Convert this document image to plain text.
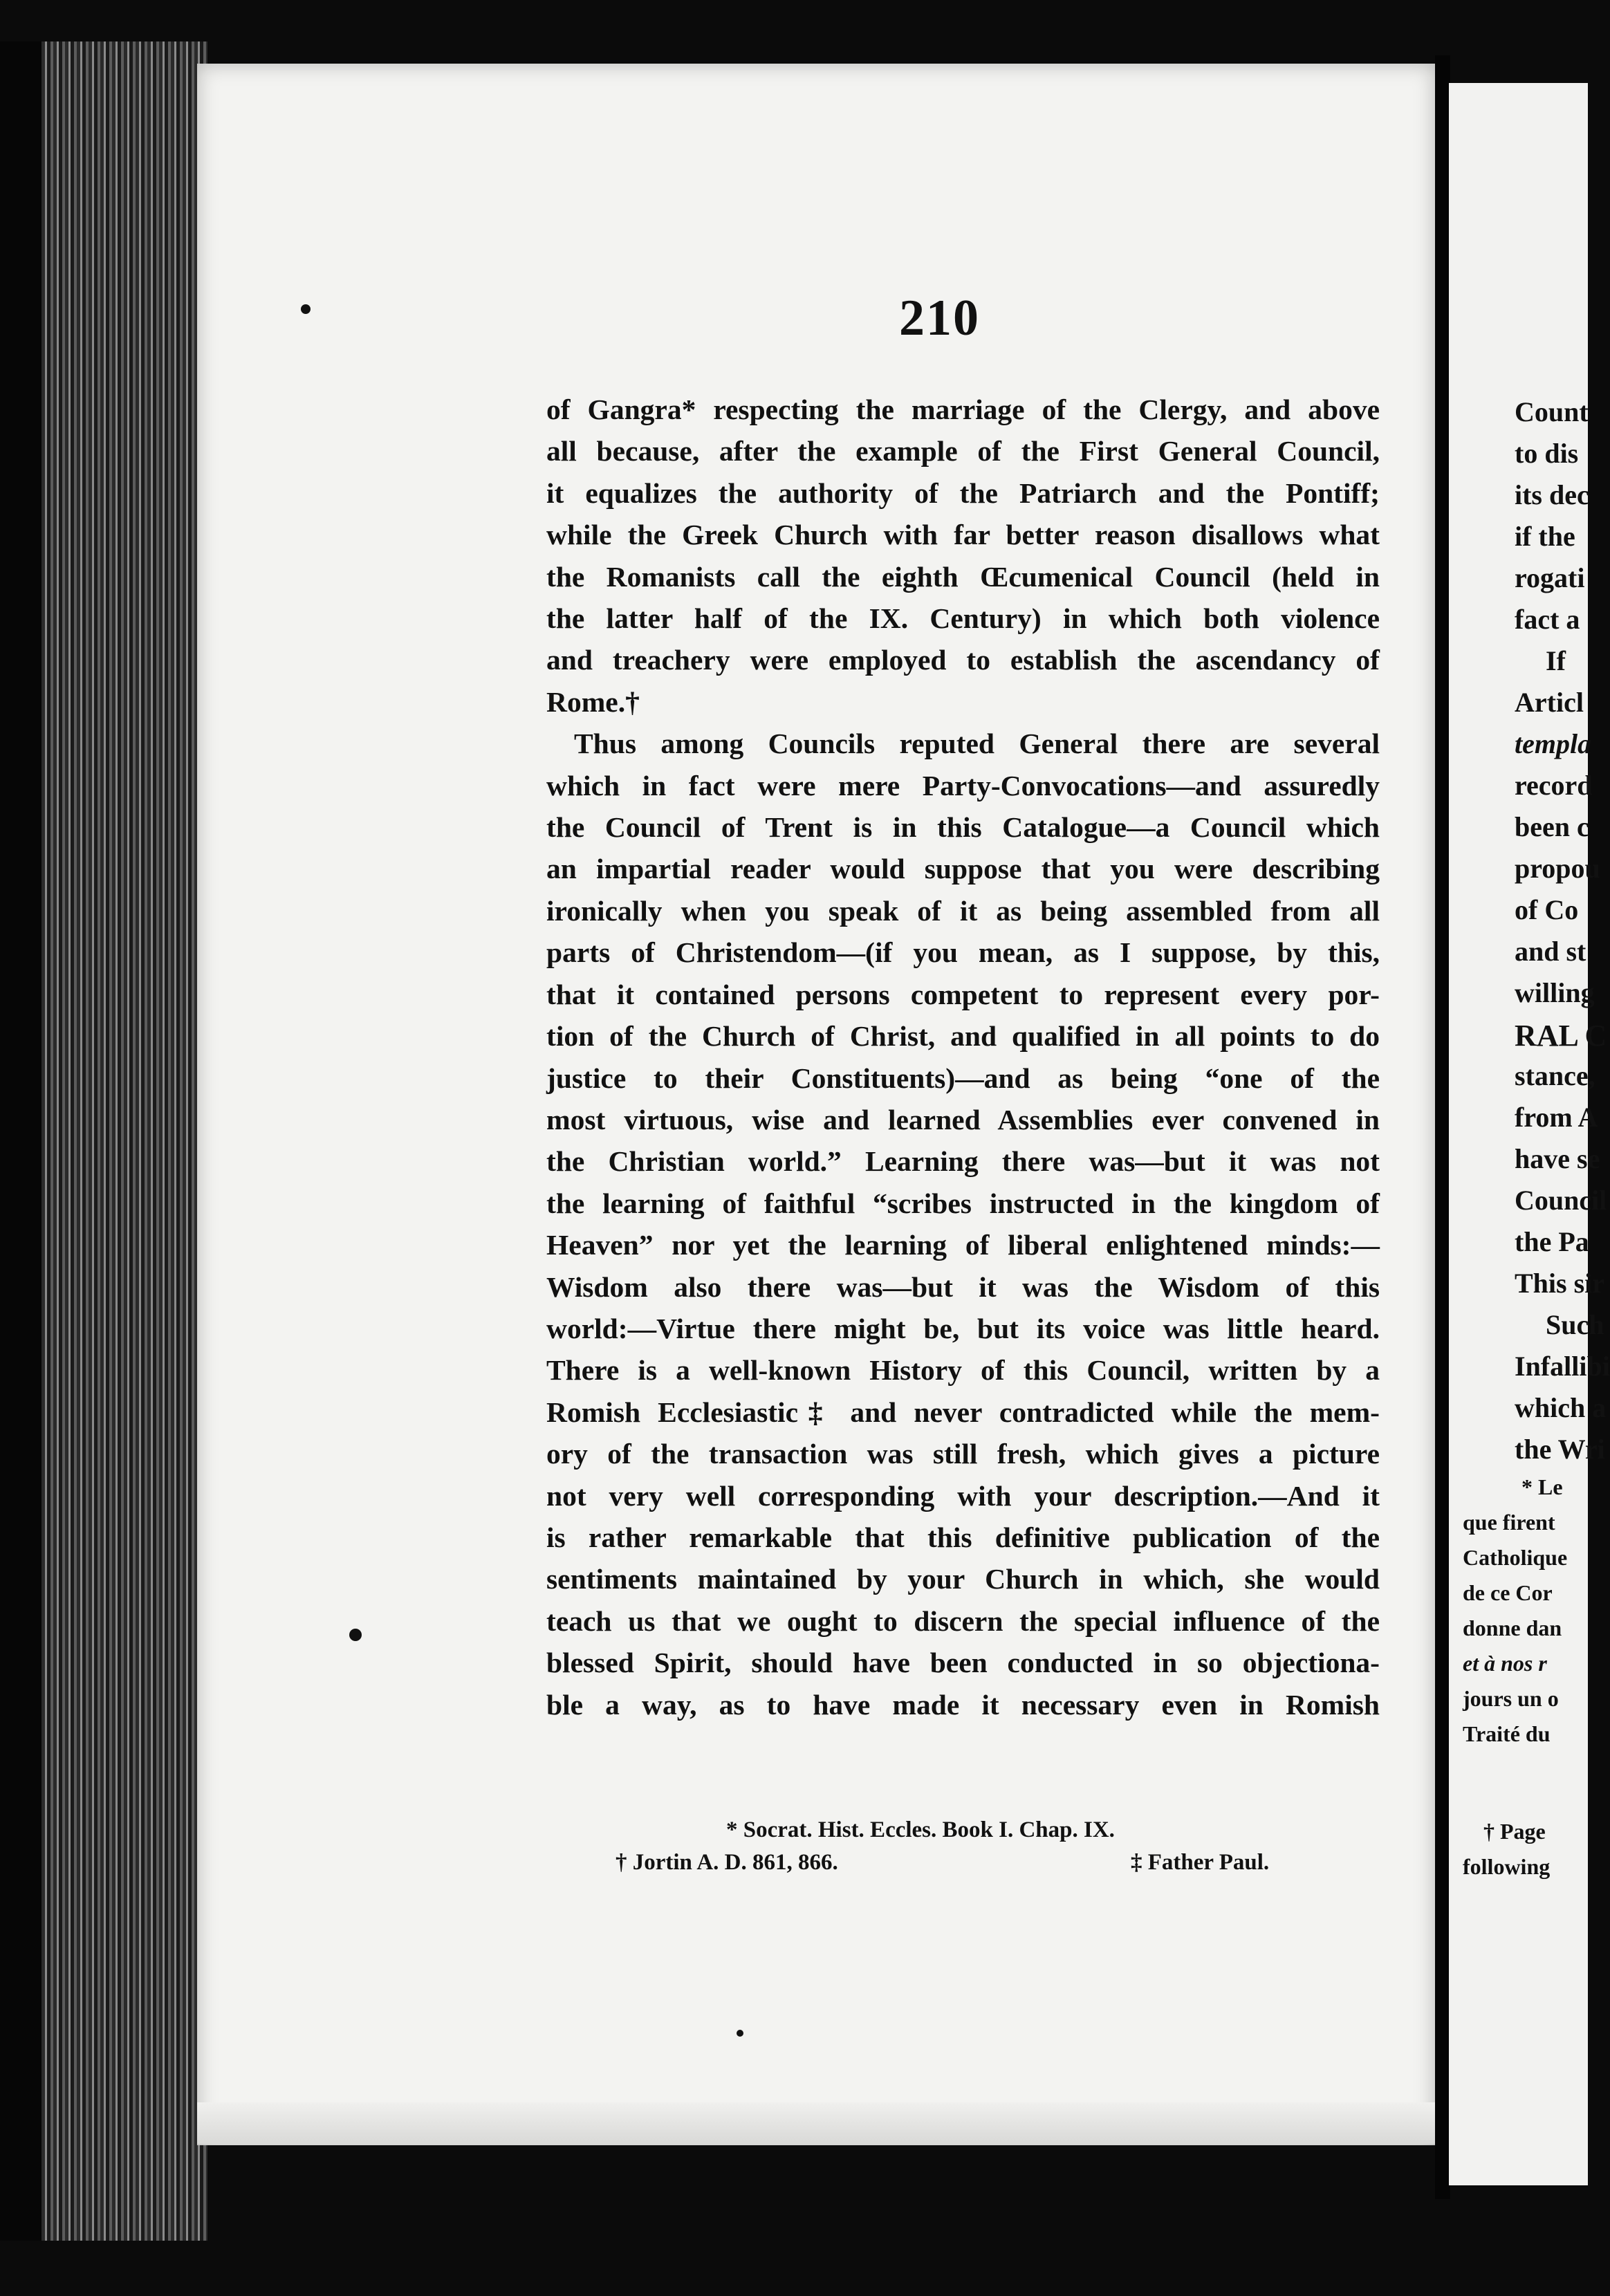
210
of Gangra* respecting the marriage of the Clergy, and above
all because, after the example of the First General Council,
it equalizes the authority of the Patriarch and the Pontiff;
while the Greek Church with far better reason disallows what
the Romanists call the eighth Œcumenical Council (held in
the latter half of the IX. Century) in which both violence
and treachery were employed to establish the ascendancy of
Rome.†
Thus among Councils reputed General there are several
which in fact were mere Party-Convocations—and assuredly
the Council of Trent is in this Catalogue—a Council which
an impartial reader would suppose that you were describing
ironically when you speak of it as being assembled from all
parts of Christendom—(if you mean, as I suppose, by this,
that it contained persons competent to represent every por-
tion of the Church of Christ, and qualified in all points to do
justice to their Constituents)—and as being “one of the
most virtuous, wise and learned Assemblies ever convened in
the Christian world.” Learning there was—but it was not
the learning of faithful “scribes instructed in the kingdom of
Heaven” nor yet the learning of liberal enlightened minds:—
Wisdom also there was—but it was the Wisdom of this
world:—Virtue there might be, but its voice was little heard.
There is a well-known History of this Council, written by a
Romish Ecclesiastic‡ and never contradicted while the mem-
ory of the transaction was still fresh, which gives a picture
not very well corresponding with your description.—And it
is rather remarkable that this definitive publication of the
sentiments maintained by your Church in which, she would
teach us that we ought to discern the special influence of the
blessed Spirit, should have been conducted in so objectiona-
ble a way, as to have made it necessary even in Romish
* Socrat. Hist. Eccles. Book I. Chap. IX.
† Jortin A. D. 861, 866.	‡ Father Paul.
Count
to dis
its dec
if the
rogati
fact a
If
Articl
templa
record
been c
propou
of Co
and st
willing
RAL C
stance,
from A
have se
Council
the Pa
This sir
Such
Infallibi
which a
the Wri
* Le
que firent
Catholique
de ce Cor
donne dan
et à nos r
jours un o
Traité du
† Page
following
